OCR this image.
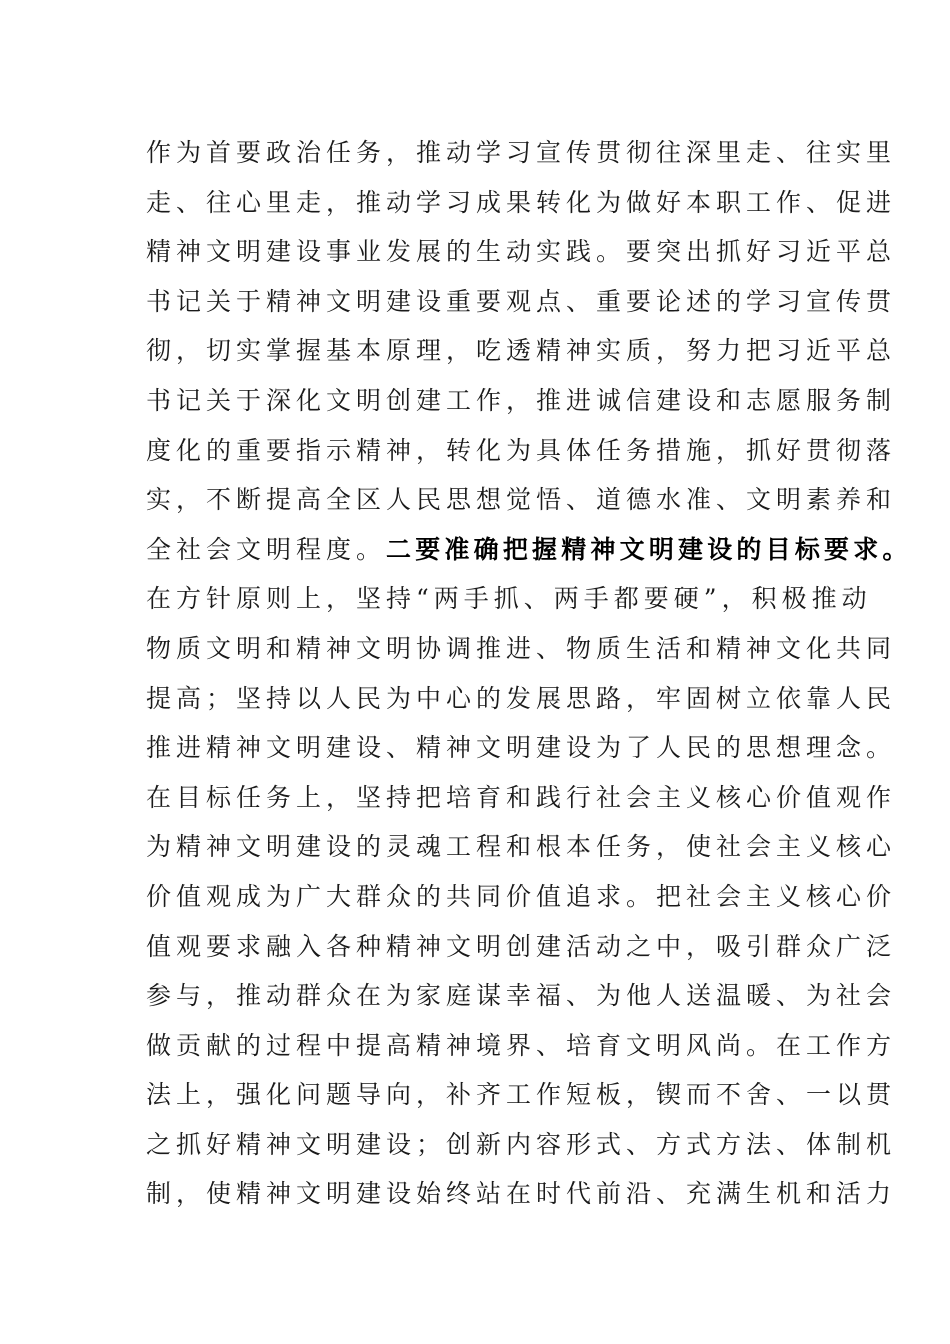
作为首要政治任务，推动学习宣传贯彻往深里走、往实里
走、往心里走，推动学习成果转化为做好本职工作、促进
精神文明建设事业发展的生动实践。要突出抓好习近平总
书记关于精神文明建设重要观点、重要论述的学习宣传贯
彻，切实掌握基本原理，吃透精神实质，努力把习近平总
书记关于深化文明创建工作，推进诚信建设和志愿服务制
度化的重要指示精神，转化为具体任务措施，抓好贯彻落
实，不断提高全区人民思想觉悟、道德水准、文明素养和
全社会文明程度。二要准确把握精神文明建设的目标要求。
在方针原则上，坚持“两手抓、两手都要硬”，积极推动
物质文明和精神文明协调推进、物质生活和精神文化共同
提高；坚持以人民为中心的发展思路，牢固树立依靠人民
推进精神文明建设、精神文明建设为了人民的思想理念。
在目标任务上，坚持把培育和践行社会主义核心价值观作
为精神文明建设的灵魂工程和根本任务，使社会主义核心
价值观成为广大群众的共同价值追求。把社会主义核心价
值观要求融入各种精神文明创建活动之中，吸引群众广泛
参与，推动群众在为家庭谋幸福、为他人送温暖、为社会
做贡献的过程中提高精神境界、培育文明风尚。在工作方
法上，强化问题导向，补齐工作短板，锲而不舍、一以贯
之抓好精神文明建设；创新内容形式、方式方法、体制机
制，使精神文明建设始终站在时代前沿、充满生机和活力
